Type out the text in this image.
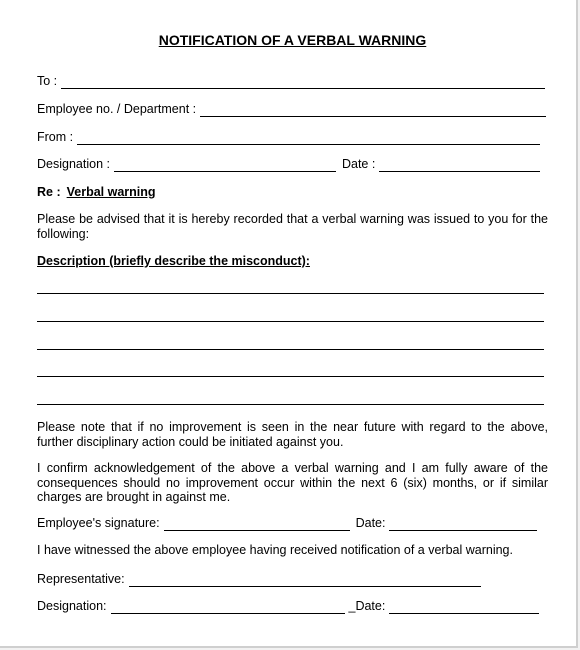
NOTIFICATION OF A VERBAL WARNING
To :
Employee no. / Department :
From :
Designation :	Date :
Re : Verbal warning
Please be advised that it is hereby recorded that a verbal warning was issued to you for the following:
Description (briefly describe the misconduct):
Please note that if no improvement is seen in the near future with regard to the above, further disciplinary action could be initiated against you.
I confirm acknowledgement of the above a verbal warning and I am fully aware of the consequences should no improvement occur within the next 6 (six) months, or if similar charges are brought in against me.
Employee's signature:	Date:
I have witnessed the above employee having received notification of a verbal warning.
Representative:
Designation:	_Date:
